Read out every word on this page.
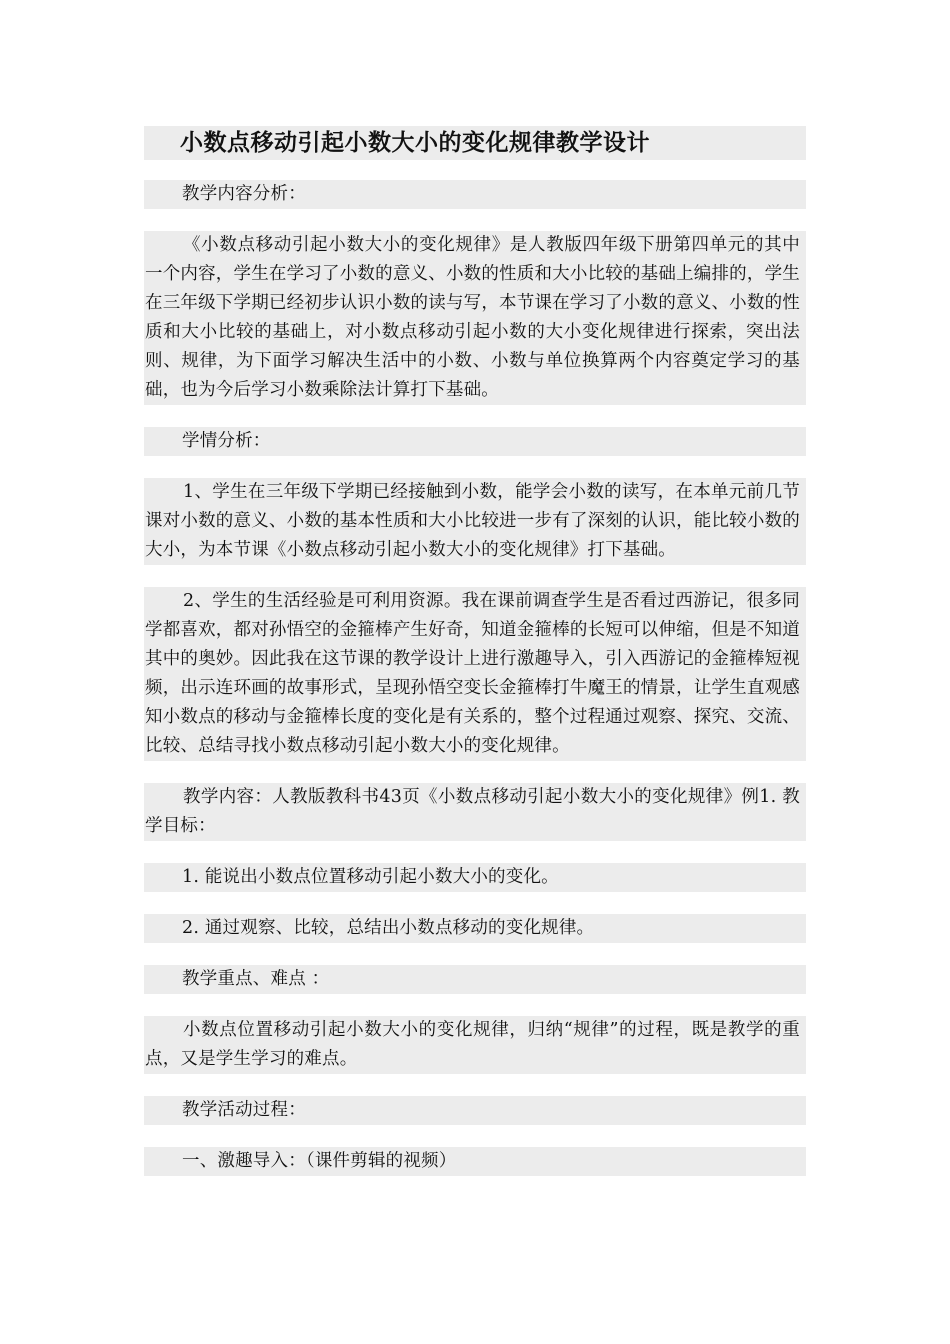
小数点移动引起小数大小的变化规律教学设计
教学内容分析：
《小数点移动引起小数大小的变化规律》是人教版四年级下册第四单元的其中一个内容，学生在学习了小数的意义、小数的性质和大小比较的基础上编排的，学生在三年级下学期已经初步认识小数的读与写，本节课在学习了小数的意义、小数的性质和大小比较的基础上，对小数点移动引起小数的大小变化规律进行探索，突出法则、规律，为下面学习解决生活中的小数、小数与单位换算两个内容奠定学习的基础，也为今后学习小数乘除法计算打下基础。
学情分析：
1、学生在三年级下学期已经接触到小数，能学会小数的读写，在本单元前几节课对小数的意义、小数的基本性质和大小比较进一步有了深刻的认识，能比较小数的大小，为本节课《小数点移动引起小数大小的变化规律》打下基础。
2、学生的生活经验是可利用资源。我在课前调查学生是否看过西游记，很多同学都喜欢，都对孙悟空的金箍棒产生好奇，知道金箍棒的长短可以伸缩，但是不知道其中的奥妙。因此我在这节课的教学设计上进行激趣导入，引入西游记的金箍棒短视频，出示连环画的故事形式，呈现孙悟空变长金箍棒打牛魔王的情景，让学生直观感知小数点的移动与金箍棒长度的变化是有关系的，整个过程通过观察、探究、交流、比较、总结寻找小数点移动引起小数大小的变化规律。
教学内容：人教版教科书43页《小数点移动引起小数大小的变化规律》例1. 教学目标：
1. 能说出小数点位置移动引起小数大小的变化。
2. 通过观察、比较，总结出小数点移动的变化规律。
教学重点、难点 ：
小数点位置移动引起小数大小的变化规律，归纳“规律”的过程，既是教学的重点，又是学生学习的难点。
教学活动过程：
一、激趣导入：（课件剪辑的视频）
